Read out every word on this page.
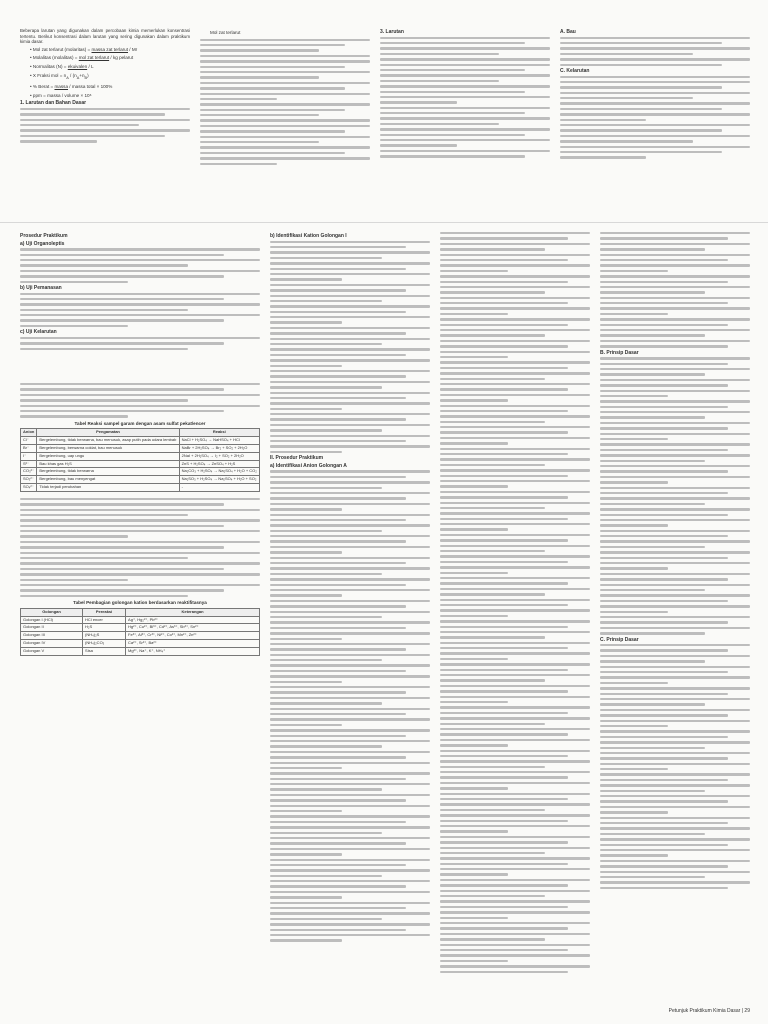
Beberapa larutan yang digunakan dalam percobaan kimia memerlukan konsentrasi tertentu. Berikut konsentrasi dalam larutan yang sering digunakan dalam praktikum kimia dasar.

• Mol zat terlarut (molaritas) = massa zat terlarut / Mr
• Molalitas (molalitas) = mol zat terlarut / kg pelarut
• Normalitas (N) = ekuivalen / L
• X Fraksi mol = $n_A / (n_A+n_B)$
• % Berat = massa / massa total × 100%
• ppm = massa / volume × 10⁶
1. Larutan dan Bahan Dasar
Mol zat terlarut	3. Larutan	A. Bau
C. Kelarutan
Prosedur Praktikum
a) Uji Organoleptis
b) Uji Pemanasan
c) Uji Kelarutan
Tabel Reaksi sampel garam dengan asam sulfat pekat/encer
Anion	Pengamatan	Reaksi
Cl⁻	Bergelembung, tidak berwarna, bau menusuk, asap putih pada udara lembab	NaCl + H₂SO₄ → NaHSO₄ + HCl
Br⁻	Bergelembung, berwarna coklat, bau menusuk	NaBr + 2H₂SO₄ → Br₂ + SO₂ + 2H₂O
I⁻	Bergelembung, uap ungu	2NaI + 2H₂SO₄ → I₂ + SO₂ + 2H₂O
S²⁻	Bau khas gas H₂S	ZnS + H₂SO₄ → ZnSO₄ + H₂S
CO₃²⁻	Bergelembung, tidak berwarna	Na₂CO₃ + H₂SO₄ → Na₂SO₄ + H₂O + CO₂
SO₃²⁻	Bergelembung, bau menyengat	Na₂SO₃ + H₂SO₄ → Na₂SO₄ + H₂O + SO₂
SO₄²⁻	Tidak terjadi perubahan	-
Tabel Pembagian golongan kation berdasarkan reaktifitasnya
Golongan	Pereaksi	Keterangan
Golongan I (HCl)	HCl encer	Ag⁺, Hg₂²⁺, Pb²⁺
Golongan II	H₂S	Hg²⁺, Cu²⁺, Bi³⁺, Cd²⁺, As³⁺, Sb³⁺, Sn²⁺
Golongan III	(NH₄)₂S	Fe³⁺, Al³⁺, Cr³⁺, Ni²⁺, Co²⁺, Mn²⁺, Zn²⁺
Golongan IV	(NH₄)₂CO₃	Ca²⁺, Sr²⁺, Ba²⁺
Golongan V	Sisa	Mg²⁺, Na⁺, K⁺, NH₄⁺
b) Identifikasi Kation Golongan I
II. Prosedur Praktikum
a) Identifikasi Anion Golongan A
B. Prinsip Dasar
C. Prinsip Dasar
Petunjuk Praktikum Kimia Dasar | 29
